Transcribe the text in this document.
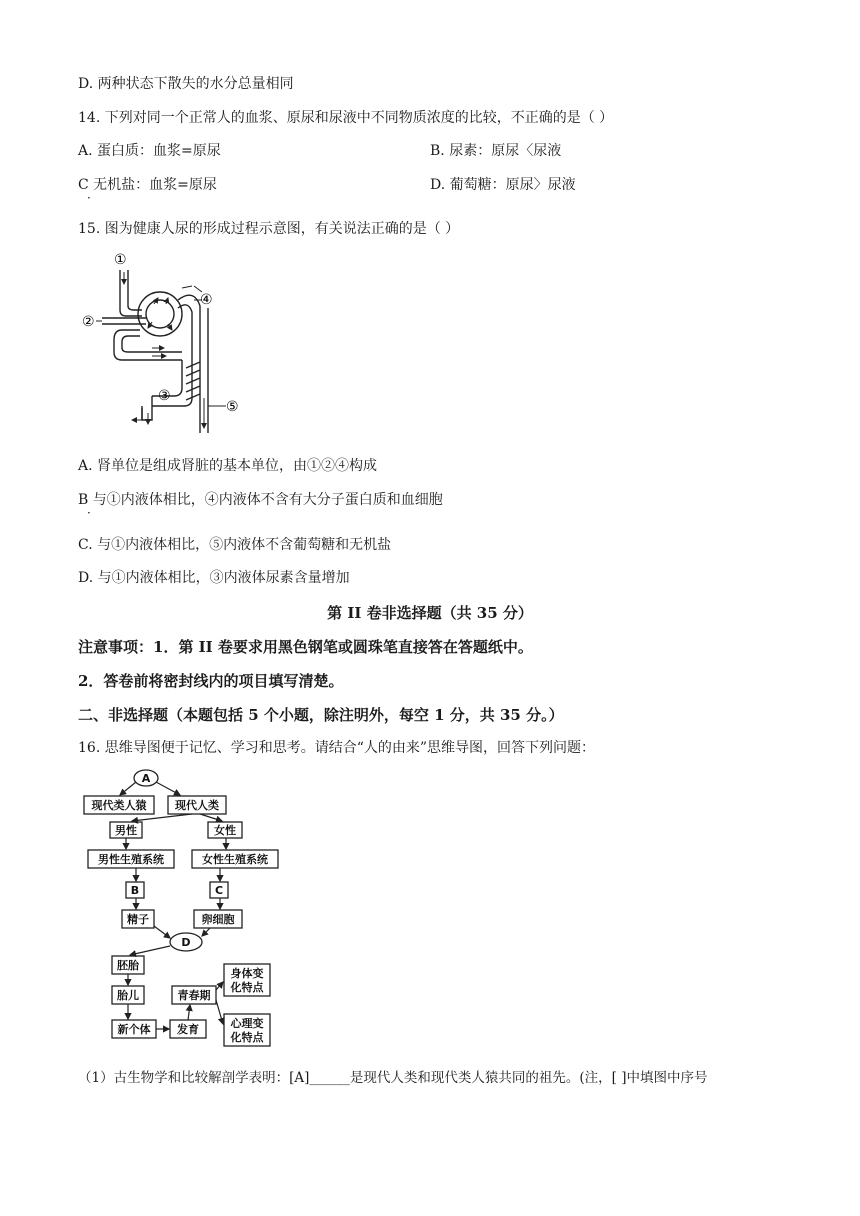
D. 两种状态下散失的水分总量相同
14. 下列对同一个正常人的血浆、原尿和尿液中不同物质浓度的比较，不正确的是（ ）
A. 蛋白质：血浆=原尿	B. 尿素：原尿〈尿液
C 无机盐：血浆=原尿
·
D. 葡萄糖：原尿〉尿液
15. 图为健康人尿的形成过程示意图，有关说法正确的是（ ）
①
②
③
④
⑤
A. 肾单位是组成肾脏的基本单位，由①②④构成
B 与①内液体相比，④内液体不含有大分子蛋白质和血细胞
·
C. 与①内液体相比，⑤内液体不含葡萄糖和无机盐
D. 与①内液体相比，③内液体尿素含量增加
第 II 卷非选择题（共 35 分）
注意事项：1．第 II 卷要求用黑色钢笔或圆珠笔直接答在答题纸中。
2．答卷前将密封线内的项目填写清楚。
二、非选择题（本题包括 5 个小题，除注明外，每空 1 分，共 35 分。）
16. 思维导图便于记忆、学习和思考。请结合“人的由来”思维导图，回答下列问题：
A
现代类人猿	现代人类
男性	女性
男性生殖系统	女性生殖系统
B	C
精子	卵细胞
D
胚胎
胎儿
新个体 发育
青春期
身体变
化特点
心理变
化特点
（1）古生物学和比较解剖学表明：[A]______是现代人类和现代类人猿共同的祖先。(注，[ ]中填图中序号
